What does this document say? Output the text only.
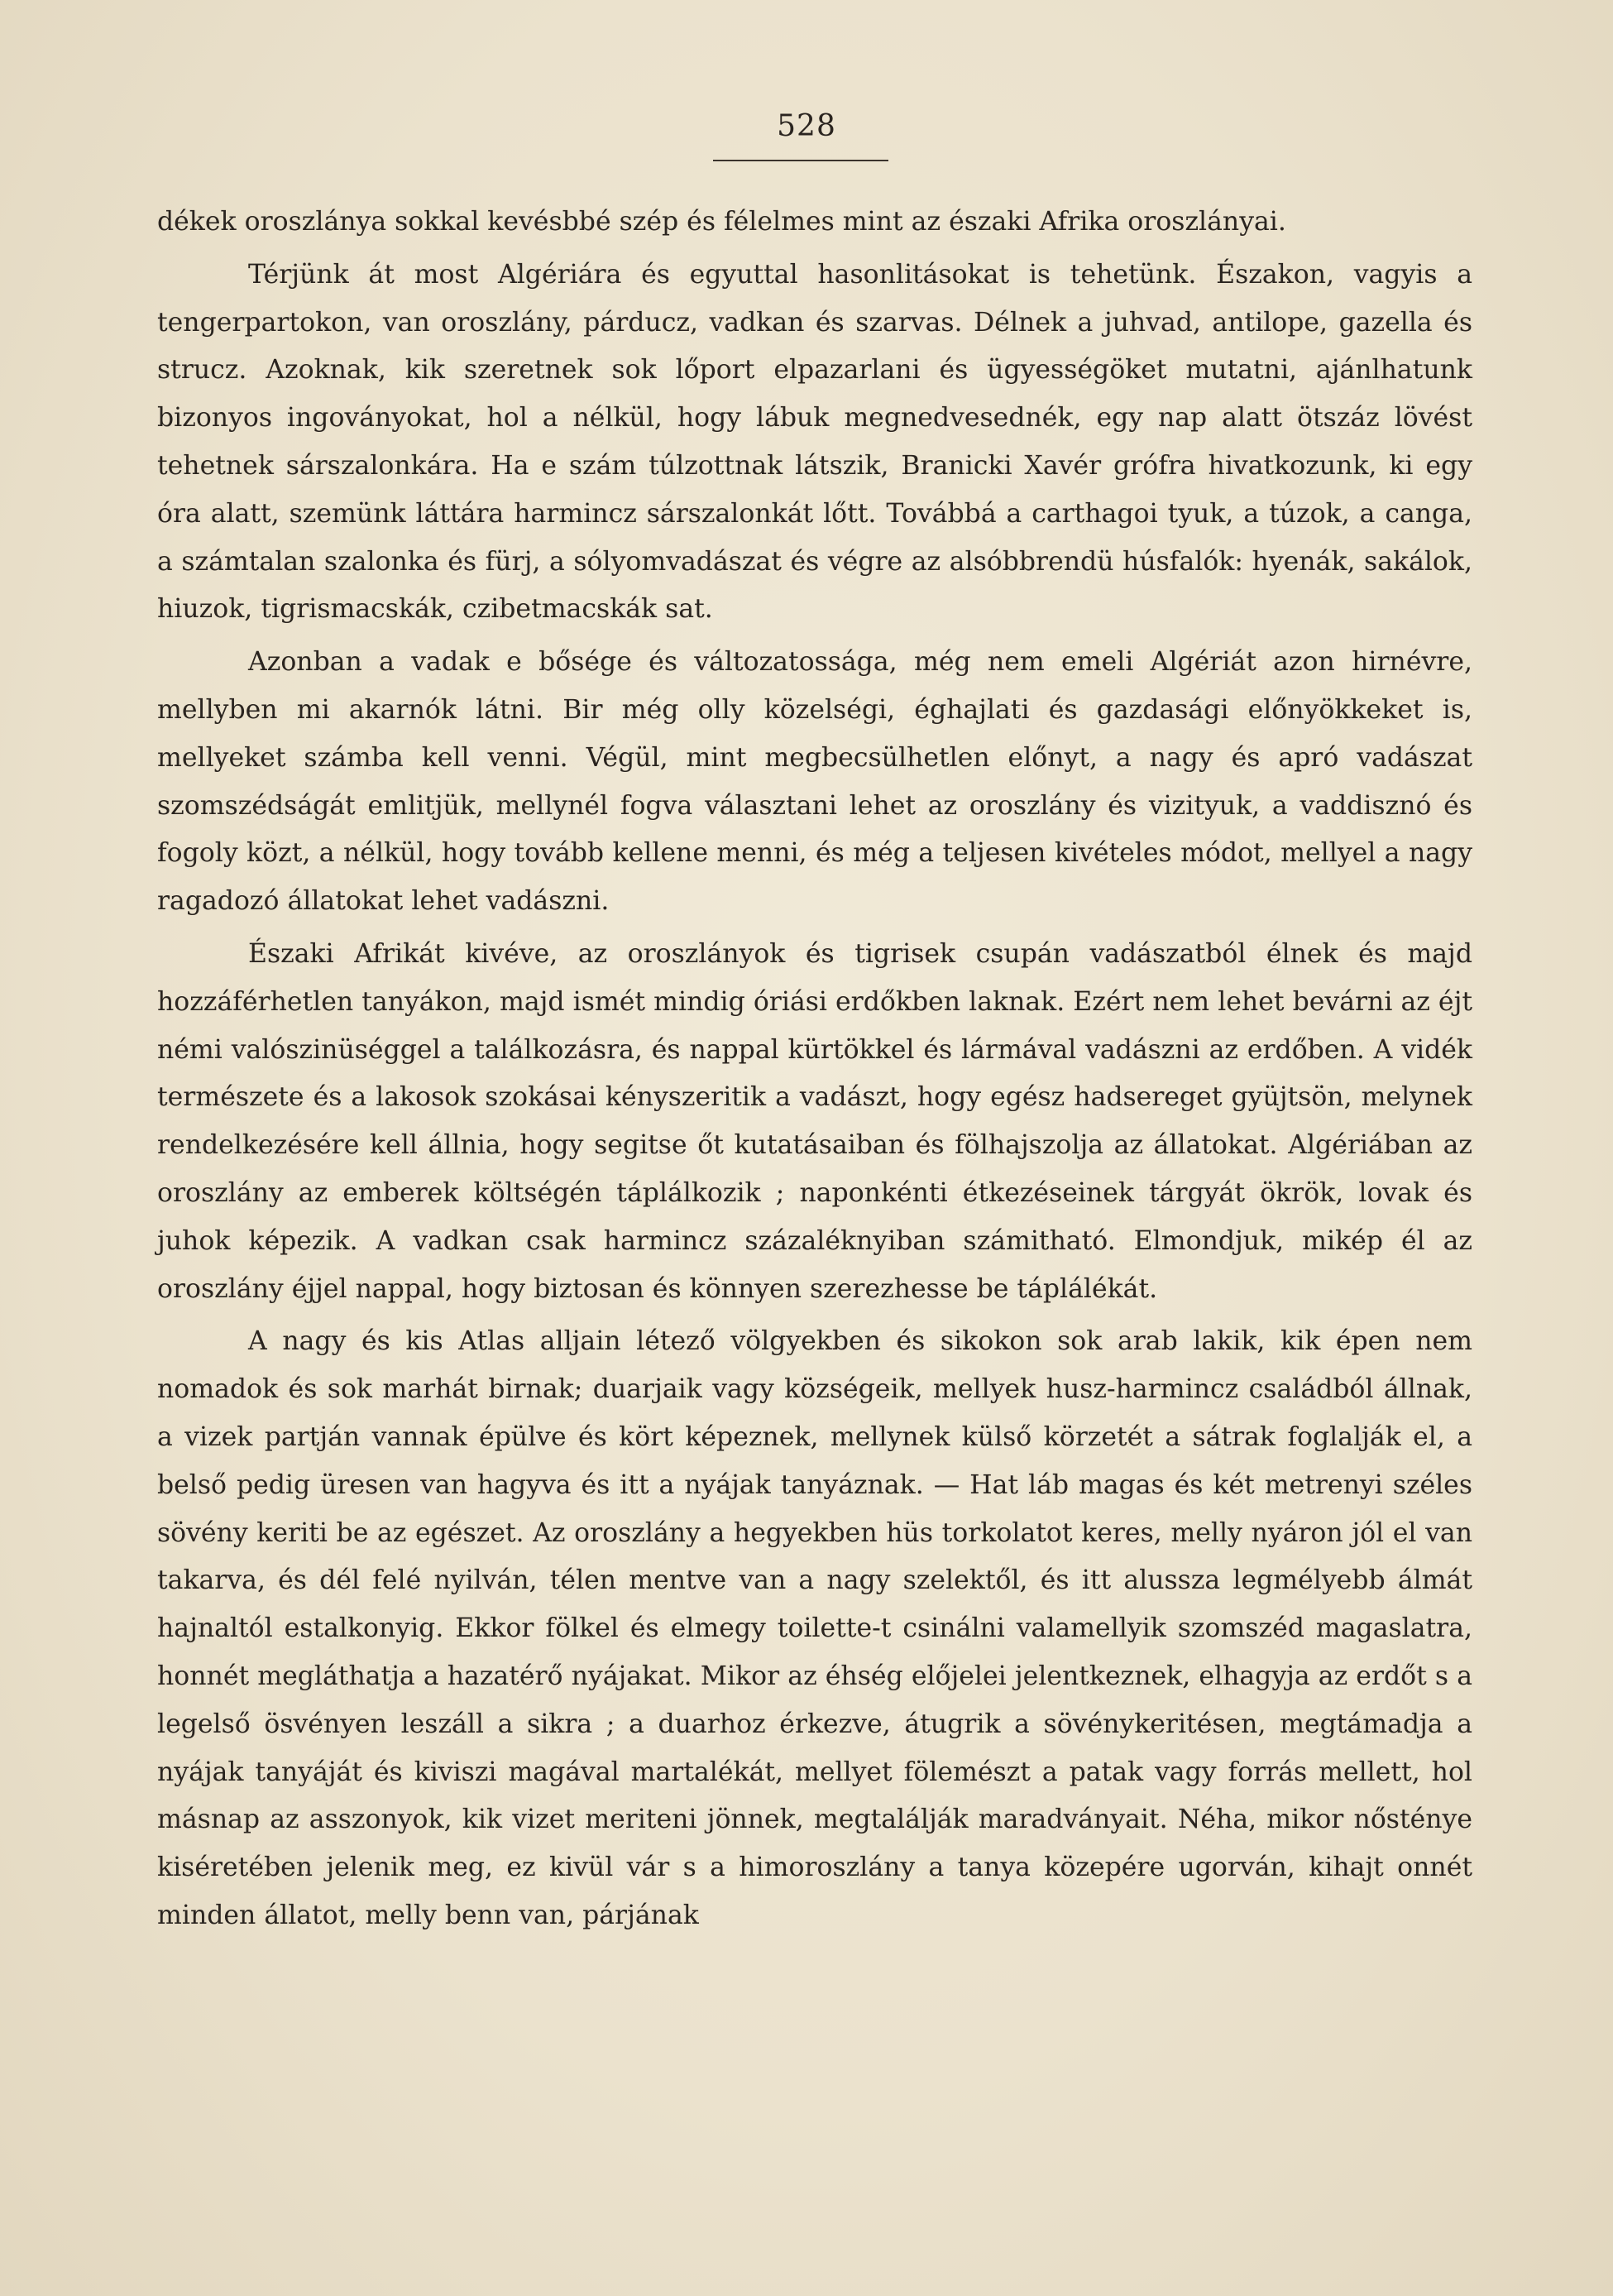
528

dékek oroszlánya sokkal kevésbbé szép és félelmes mint az északi Afrika oroszlányai.

Térjünk át most Algériára és egyuttal hasonlitásokat is tehetünk. Északon, vagyis a tengerpartokon, van oroszlány, párducz, vadkan és szarvas. Délnek a juhvad, antilope, gazella és strucz. Azoknak, kik szeretnek sok lőport elpazarlani és ügyességöket mutatni, ajánlhatunk bizonyos ingoványokat, hol a nélkül, hogy lábuk megnedvesednék, egy nap alatt ötszáz lövést tehetnek sárszalonkára. Ha e szám túlzottnak látszik, Branicki Xavér grófra hivatkozunk, ki egy óra alatt, szemünk láttára harmincz sárszalonkát lőtt. Továbbá a carthagoi tyuk, a túzok, a canga, a számtalan szalonka és fürj, a sólyomvadászat és végre az alsóbbrendü húsfalók: hyenák, sakálok, hiuzok, tigrismacskák, czibetmacskák sat.

Azonban a vadak e bősége és változatossága, még nem emeli Algériát azon hirnévre, mellyben mi akarnók látni. Bir még olly közelségi, éghajlati és gazdasági előnyökkeket is, mellyeket számba kell venni. Végül, mint megbecsülhetlen előnyt, a nagy és apró vadászat szomszédságát emlitjük, mellynél fogva választani lehet az oroszlány és vizityuk, a vaddisznó és fogoly közt, a nélkül, hogy tovább kellene menni, és még a teljesen kivételes módot, mellyel a nagy ragadozó állatokat lehet vadászni.

Északi Afrikát kivéve, az oroszlányok és tigrisek csupán vadászatból élnek és majd hozzáférhetlen tanyákon, majd ismét mindig óriási erdőkben laknak. Ezért nem lehet bevárni az éjt némi valószinüséggel a találkozásra, és nappal kürtökkel és lármával vadászni az erdőben. A vidék természete és a lakosok szokásai kényszeritik a vadászt, hogy egész hadsereget gyüjtsön, melynek rendelkezésére kell állnia, hogy segitse őt kutatásaiban és fölhajszolja az állatokat. Algériában az oroszlány az emberek költségén táplálkozik ; naponkénti étkezéseinek tárgyát ökrök, lovak és juhok képezik. A vadkan csak harmincz százaléknyiban számitható. Elmondjuk, mikép él az oroszlány éjjel nappal, hogy biztosan és könnyen szerezhesse be táplálékát.

A nagy és kis Atlas alljain létező völgyekben és sikokon sok arab lakik, kik épen nem nomadok és sok marhát birnak; duarjaik vagy községeik, mellyek husz-harmincz családból állnak, a vizek partján vannak épülve és kört képeznek, mellynek külső körzetét a sátrak foglalják el, a belső pedig üresen van hagyva és itt a nyájak tanyáznak. — Hat láb magas és két metrenyi széles sövény keriti be az egészet. Az oroszlány a hegyekben hüs torkolatot keres, melly nyáron jól el van takarva, és dél felé nyilván, télen mentve van a nagy szelektől, és itt alussza legmélyebb álmát hajnaltól estalkonyig. Ekkor fölkel és elmegy toilette-t csinálni valamellyik szomszéd magaslatra, honnét megláthatja a hazatérő nyájakat. Mikor az éhség előjelei jelentkeznek, elhagyja az erdőt s a legelső ösvényen leszáll a sikra ; a duarhoz érkezve, átugrik a sövénykeritésen, megtámadja a nyájak tanyáját és kiviszi magával martalékát, mellyet fölemészt a patak vagy forrás mellett, hol másnap az asszonyok, kik vizet meriteni jönnek, megtalálják maradványait. Néha, mikor nősténye kiséretében jelenik meg, ez kivül vár s a himoroszlány a tanya közepére ugorván, kihajt onnét minden állatot, melly benn van, párjának
